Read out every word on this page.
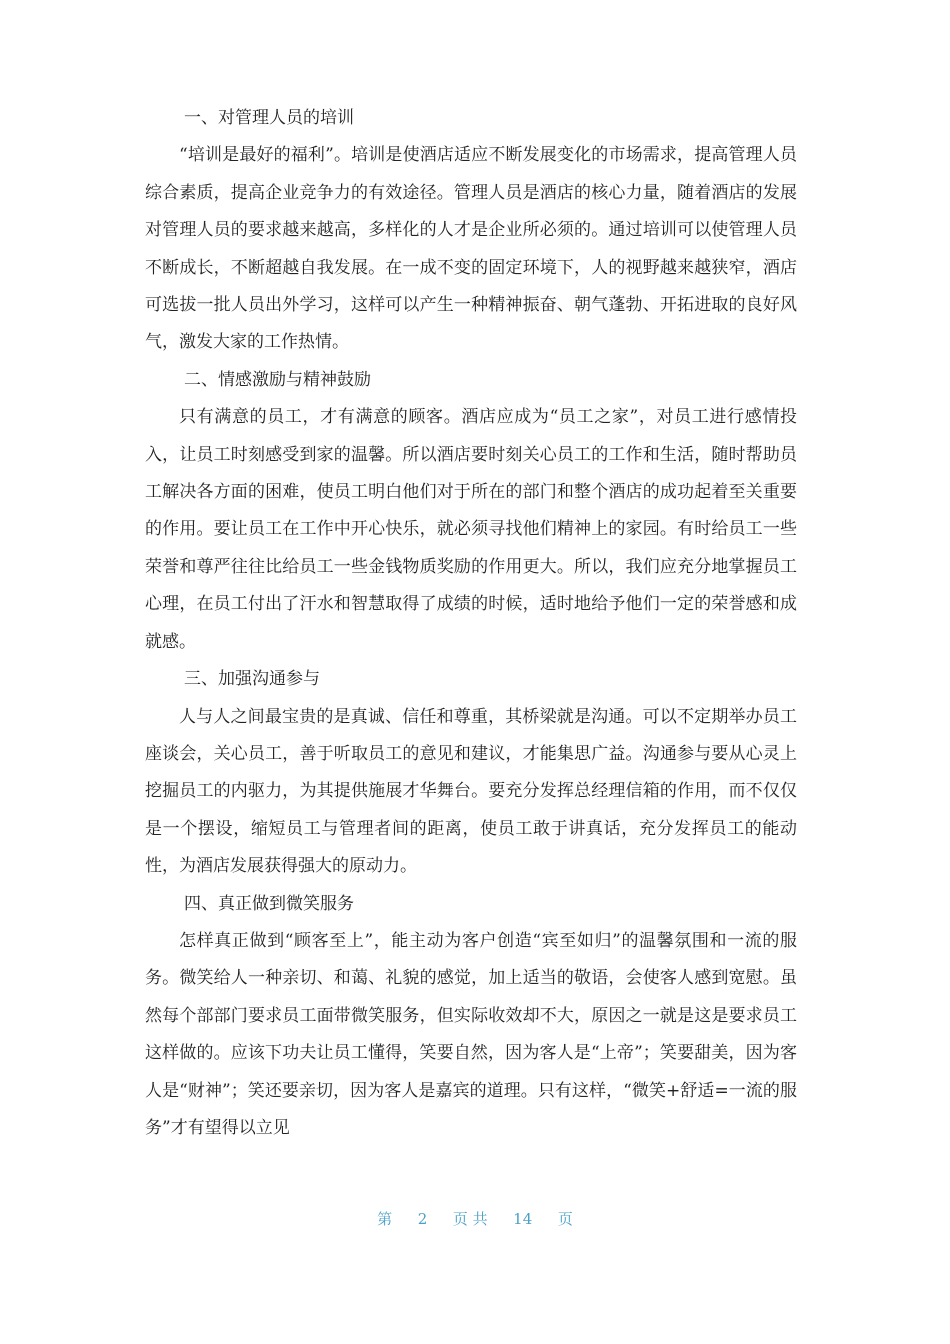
一、对管理人员的培训

“培训是最好的福利”。培训是使酒店适应不断发展变化的市场需求，提高管理人员综合素质，提高企业竞争力的有效途径。管理人员是酒店的核心力量，随着酒店的发展对管理人员的要求越来越高，多样化的人才是企业所必须的。通过培训可以使管理人员不断成长，不断超越自我发展。在一成不变的固定环境下，人的视野越来越狭窄，酒店可选拔一批人员出外学习，这样可以产生一种精神振奋、朝气蓬勃、开拓进取的良好风气，激发大家的工作热情。

二、情感激励与精神鼓励

只有满意的员工，才有满意的顾客。酒店应成为“员工之家”，对员工进行感情投入，让员工时刻感受到家的温馨。所以酒店要时刻关心员工的工作和生活，随时帮助员工解决各方面的困难，使员工明白他们对于所在的部门和整个酒店的成功起着至关重要的作用。要让员工在工作中开心快乐，就必须寻找他们精神上的家园。有时给员工一些荣誉和尊严往往比给员工一些金钱物质奖励的作用更大。所以，我们应充分地掌握员工心理，在员工付出了汗水和智慧取得了成绩的时候，适时地给予他们一定的荣誉感和成就感。

三、加强沟通参与

人与人之间最宝贵的是真诚、信任和尊重，其桥梁就是沟通。可以不定期举办员工座谈会，关心员工，善于听取员工的意见和建议，才能集思广益。沟通参与要从心灵上挖掘员工的内驱力，为其提供施展才华舞台。要充分发挥总经理信箱的作用，而不仅仅是一个摆设，缩短员工与管理者间的距离，使员工敢于讲真话，充分发挥员工的能动性，为酒店发展获得强大的原动力。

四、真正做到微笑服务

怎样真正做到“顾客至上”，能主动为客户创造“宾至如归”的温馨氛围和一流的服务。微笑给人一种亲切、和蔼、礼貌的感觉，加上适当的敬语，会使客人感到宽慰。虽然每个部部门要求员工面带微笑服务，但实际收效却不大，原因之一就是这是要求员工这样做的。应该下功夫让员工懂得，笑要自然，因为客人是“上帝”；笑要甜美，因为客人是“财神”；笑还要亲切，因为客人是嘉宾的道理。只有这样，“微笑+舒适=一流的服务”才有望得以立见

第 2 页 共 14 页
